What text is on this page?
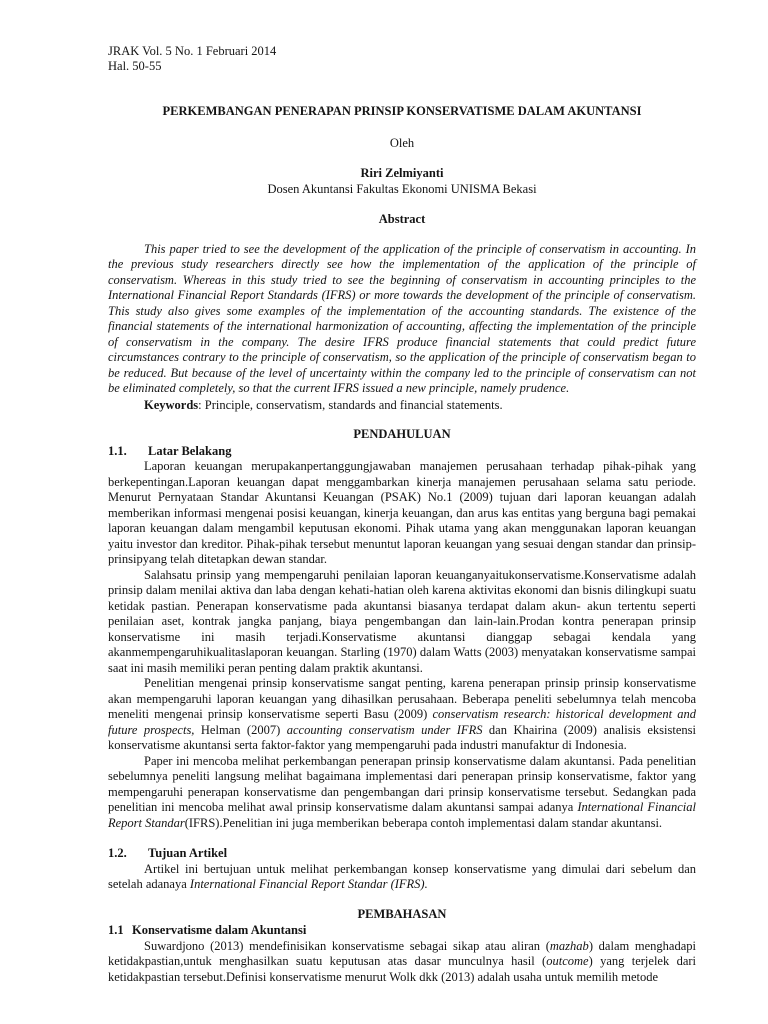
JRAK Vol. 5 No. 1 Februari 2014
Hal. 50-55
PERKEMBANGAN PENERAPAN PRINSIP KONSERVATISME DALAM AKUNTANSI
Oleh
Riri Zelmiyanti
Dosen Akuntansi Fakultas Ekonomi UNISMA Bekasi
Abstract
This paper tried to see the development of the application of the principle of conservatism in accounting. In the previous study researchers directly see how the implementation of the application of the principle of conservatism. Whereas in this study tried to see the beginning of conservatism in accounting principles to the International Financial Report Standards (IFRS) or more towards the development of the principle of conservatism. This study also gives some examples of the implementation of the accounting standards. The existence of the financial statements of the international harmonization of accounting, affecting the implementation of the principle of conservatism in the company. The desire IFRS produce financial statements that could predict future circumstances contrary to the principle of conservatism, so the application of the principle of conservatism began to be reduced. But because of the level of uncertainty within the company led to the principle of conservatism can not be eliminated completely, so that the current IFRS issued a new principle, namely prudence.
Keywords: Principle, conservatism, standards and financial statements.
PENDAHULUAN
1.1. Latar Belakang

Laporan keuangan merupakanpertanggungjawaban manajemen perusahaan terhadap pihak-pihak yang berkepentingan.Laporan keuangan dapat menggambarkan kinerja manajemen perusahaan selama satu periode. Menurut Pernyataan Standar Akuntansi Keuangan (PSAK) No.1 (2009) tujuan dari laporan keuangan adalah memberikan informasi mengenai posisi keuangan, kinerja keuangan, dan arus kas entitas yang berguna bagi pemakai laporan keuangan dalam mengambil keputusan ekonomi. Pihak utama yang akan menggunakan laporan keuangan yaitu investor dan kreditor. Pihak-pihak tersebut menuntut laporan keuangan yang sesuai dengan standar dan prinsip-prinsipyang telah ditetapkan dewan standar.

Salahsatu prinsip yang mempengaruhi penilaian laporan keuanganyaitukonservatisme.Konservatisme adalah prinsip dalam menilai aktiva dan laba dengan kehati-hatian oleh karena aktivitas ekonomi dan bisnis dilingkupi suatu ketidak pastian. Penerapan konservatisme pada akuntansi biasanya terdapat dalam akun- akun tertentu seperti penilaian aset, kontrak jangka panjang, biaya pengembangan dan lain-lain.Prodan kontra penerapan prinsip konservatisme ini masih terjadi.Konservatisme akuntansi dianggap sebagai kendala yang akanmempengaruhikualitaslaporan keuangan. Starling (1970) dalam Watts (2003) menyatakan konservatisme sampai saat ini masih memiliki peran penting dalam praktik akuntansi.

Penelitian mengenai prinsip konservatisme sangat penting, karena penerapan prinsip prinsip konservatisme akan mempengaruhi laporan keuangan yang dihasilkan perusahaan. Beberapa peneliti sebelumnya telah mencoba meneliti mengenai prinsip konservatisme seperti Basu (2009) conservatism research: historical development and future prospects, Helman (2007) accounting conservatism under IFRS dan Khairina (2009) analisis eksistensi konservatisme akuntansi serta faktor-faktor yang mempengaruhi pada industri manufaktur di Indonesia.

Paper ini mencoba melihat perkembangan penerapan prinsip konservatisme dalam akuntansi. Pada penelitian sebelumnya peneliti langsung melihat bagaimana implementasi dari penerapan prinsip konservatisme, faktor yang mempengaruhi penerapan konservatisme dan pengembangan dari prinsip konservatisme tersebut. Sedangkan pada penelitian ini mencoba melihat awal prinsip konservatisme dalam akuntansi sampai adanya International Financial Report Standar(IFRS).Penelitian ini juga memberikan beberapa contoh implementasi dalam standar akuntansi.

1.2. Tujuan Artikel

Artikel ini bertujuan untuk melihat perkembangan konsep konservatisme yang dimulai dari sebelum dan setelah adanaya International Financial Report Standar (IFRS).

PEMBAHASAN
1.1 Konservatisme dalam Akuntansi

Suwardjono (2013) mendefinisikan konservatisme sebagai sikap atau aliran (mazhab) dalam menghadapi ketidakpastian,untuk menghasilkan suatu keputusan atas dasar munculnya hasil (outcome) yang terjelek dari ketidakpastian tersebut.Definisi konservatisme menurut Wolk dkk (2013) adalah usaha untuk memilih metode
